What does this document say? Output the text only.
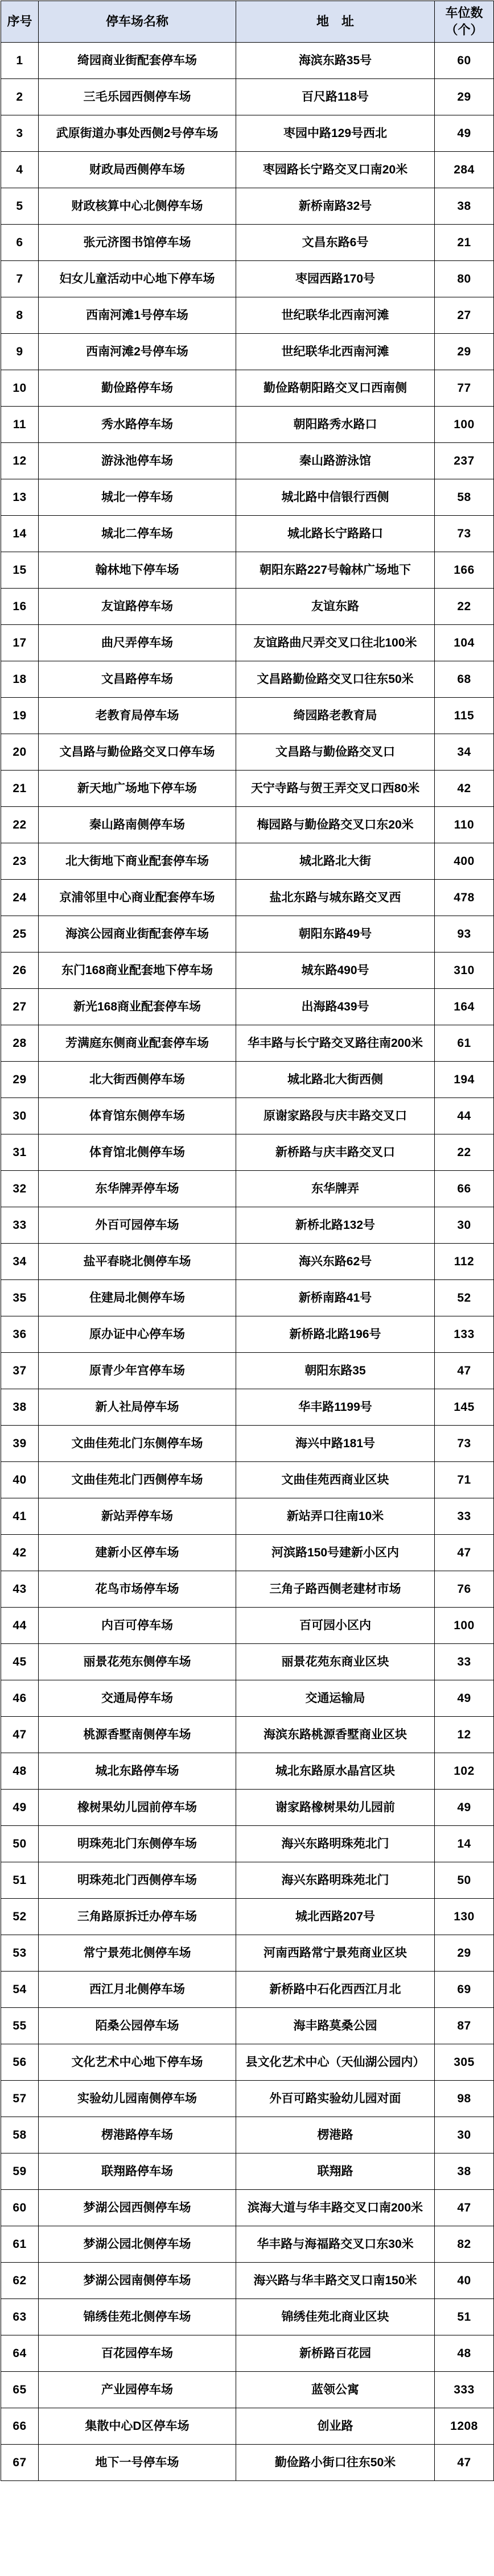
序号	停车场名称	地　址	车位数（个）
1	绮园商业街配套停车场	海滨东路35号	60
2	三毛乐园西侧停车场	百尺路118号	29
3	武原街道办事处西侧2号停车场	枣园中路129号西北	49
4	财政局西侧停车场	枣园路长宁路交叉口南20米	284
5	财政核算中心北侧停车场	新桥南路32号	38
6	张元济图书馆停车场	文昌东路6号	21
7	妇女儿童活动中心地下停车场	枣园西路170号	80
8	西南河滩1号停车场	世纪联华北西南河滩	27
9	西南河滩2号停车场	世纪联华北西南河滩	29
10	勤俭路停车场	勤俭路朝阳路交叉口西南侧	77
11	秀水路停车场	朝阳路秀水路口	100
12	游泳池停车场	秦山路游泳馆	237
13	城北一停车场	城北路中信银行西侧	58
14	城北二停车场	城北路长宁路路口	73
15	翰林地下停车场	朝阳东路227号翰林广场地下	166
16	友谊路停车场	友谊东路	22
17	曲尺弄停车场	友谊路曲尺弄交叉口往北100米	104
18	文昌路停车场	文昌路勤俭路交叉口往东50米	68
19	老教育局停车场	绮园路老教育局	115
20	文昌路与勤俭路交叉口停车场	文昌路与勤俭路交叉口	34
21	新天地广场地下停车场	天宁寺路与贺王弄交叉口西80米	42
22	秦山路南侧停车场	梅园路与勤俭路交叉口东20米	110
23	北大街地下商业配套停车场	城北路北大街	400
24	京浦邻里中心商业配套停车场	盐北东路与城东路交叉西	478
25	海滨公园商业街配套停车场	朝阳东路49号	93
26	东门168商业配套地下停车场	城东路490号	310
27	新光168商业配套停车场	出海路439号	164
28	芳满庭东侧商业配套停车场	华丰路与长宁路交叉路往南200米	61
29	北大街西侧停车场	城北路北大街西侧	194
30	体育馆东侧停车场	原谢家路段与庆丰路交叉口	44
31	体育馆北侧停车场	新桥路与庆丰路交叉口	22
32	东华牌弄停车场	东华牌弄	66
33	外百可园停车场	新桥北路132号	30
34	盐平春晓北侧停车场	海兴东路62号	112
35	住建局北侧停车场	新桥南路41号	52
36	原办证中心停车场	新桥路北路196号	133
37	原青少年宫停车场	朝阳东路35	47
38	新人社局停车场	华丰路1199号	145
39	文曲佳苑北门东侧停车场	海兴中路181号	73
40	文曲佳苑北门西侧停车场	文曲佳苑西商业区块	71
41	新站弄停车场	新站弄口往南10米	33
42	建新小区停车场	河滨路150号建新小区内	47
43	花鸟市场停车场	三角子路西侧老建材市场	76
44	内百可停车场	百可园小区内	100
45	丽景花苑东侧停车场	丽景花苑东商业区块	33
46	交通局停车场	交通运输局	49
47	桃源香墅南侧停车场	海滨东路桃源香墅商业区块	12
48	城北东路停车场	城北东路原水晶宫区块	102
49	橡树果幼儿园前停车场	谢家路橡树果幼儿园前	49
50	明珠苑北门东侧停车场	海兴东路明珠苑北门	14
51	明珠苑北门西侧停车场	海兴东路明珠苑北门	50
52	三角路原拆迁办停车场	城北西路207号	130
53	常宁景苑北侧停车场	河南西路常宁景苑商业区块	29
54	西江月北侧停车场	新桥路中石化西西江月北	69
55	陌桑公园停车场	海丰路莫桑公园	87
56	文化艺术中心地下停车场	县文化艺术中心（天仙湖公园内）	305
57	实验幼儿园南侧停车场	外百可路实验幼儿园对面	98
58	楞港路停车场	楞港路	30
59	联翔路停车场	联翔路	38
60	梦湖公园西侧停车场	滨海大道与华丰路交叉口南200米	47
61	梦湖公园北侧停车场	华丰路与海福路交叉口东30米	82
62	梦湖公园南侧停车场	海兴路与华丰路交叉口南150米	40
63	锦绣佳苑北侧停车场	锦绣佳苑北商业区块	51
64	百花园停车场	新桥路百花园	48
65	产业园停车场	蓝领公寓	333
66	集散中心D区停车场	创业路	1208
67	地下一号停车场	勤俭路小街口往东50米	47
